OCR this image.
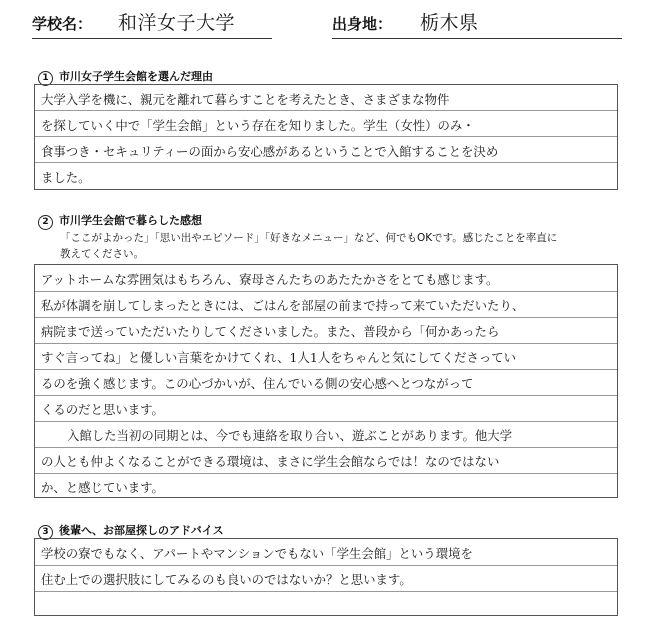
学校名： 和洋女子大学	出身地： 栃木県
1 市川女子学生会館を選んだ理由
大学入学を機に、親元を離れて暮らすことを考えたとき、さまざまな物件
を探していく中で「学生会館」という存在を知りました。学生（女性）のみ・
食事つき・セキュリティーの面から安心感があるということで入館することを決め
ました。
2 市川学生会館で暮らした感想
「ここがよかった」「思い出やエピソード」「好きなメニュー」など、何でもOKです。感じたことを率直に
教えてください。
アットホームな雰囲気はもちろん、寮母さんたちのあたたかさをとても感じます。
私が体調を崩してしまったときには、ごはんを部屋の前まで持って来ていただいたり、
病院まで送っていただいたりしてくださいました。また、普段から「何かあったら
すぐ言ってね」と優しい言葉をかけてくれ、1人1人をちゃんと気にしてくださってい
るのを強く感じます。この心づかいが、住んでいる側の安心感へとつながって
くるのだと思います。
入館した当初の同期とは、今でも連絡を取り合い、遊ぶことがあります。他大学
の人とも仲よくなることができる環境は、まさに学生会館ならでは！なのではない
か、と感じています。
3 後輩へ、お部屋探しのアドバイス
学校の寮でもなく、アパートやマンションでもない「学生会館」という環境を
住む上での選択肢にしてみるのも良いのではないか？と思います。
